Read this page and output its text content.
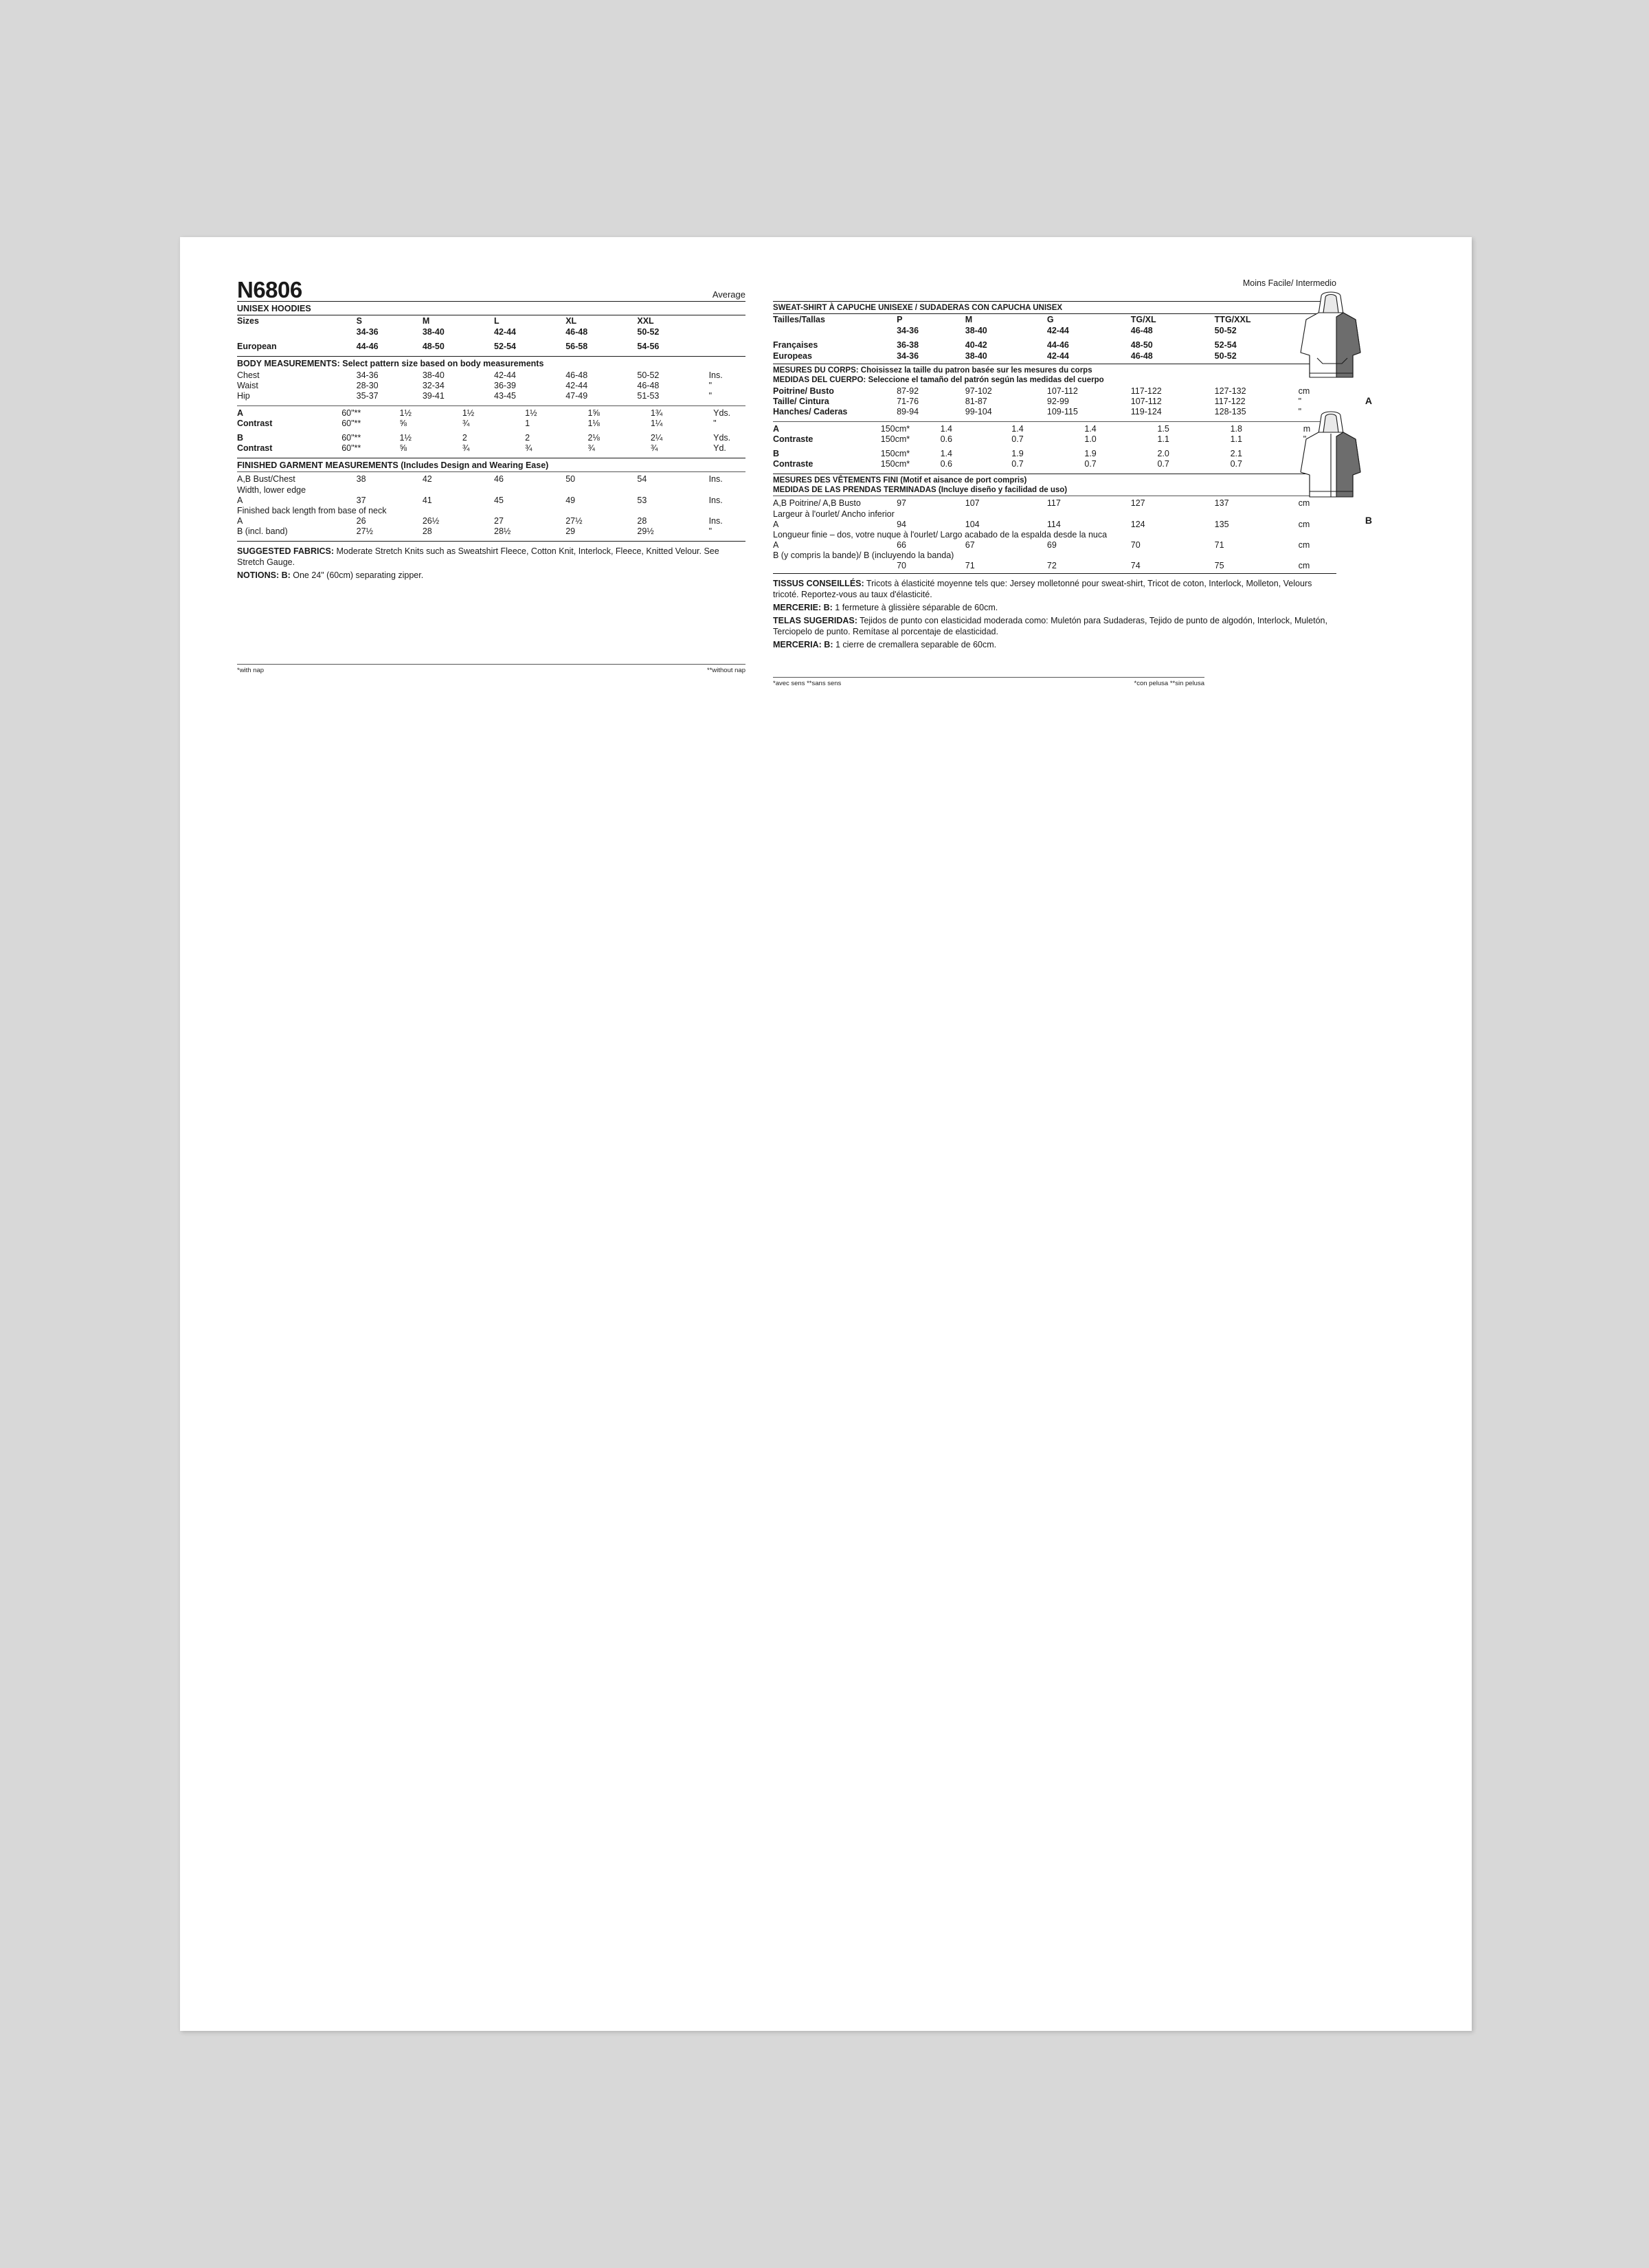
N6806	Average
UNISEX HOODIES
Sizes	S	M	L	XL	XXL	
	34-36	38-40	42-44	46-48	50-52	
European	44-46	48-50	52-54	56-58	54-56	
BODY MEASUREMENTS: Select pattern size based on body measurements
Chest	34-36	38-40	42-44	46-48	50-52	Ins.
Waist	28-30	32-34	36-39	42-44	46-48	"
Hip	35-37	39-41	43-45	47-49	51-53	"
A	60"**	1½	1½	1½	1⅝	1¾	Yds.
Contrast	60"**	⅝	¾	1	1⅛	1¼	"
B	60"**	1½	2	2	2⅛	2¼	Yds.
Contrast	60"**	⅝	¾	¾	¾	¾	Yd.
FINISHED GARMENT MEASUREMENTS (Includes Design and Wearing Ease)
A,B Bust/Chest	38	42	46	50	54	Ins.
Width, lower edge						
A	37	41	45	49	53	Ins.
Finished back length from base of neck						
A	26	26½	27	27½	28	Ins.
B (incl. band)	27½	28	28½	29	29½	"
SUGGESTED FABRICS: Moderate Stretch Knits such as Sweatshirt Fleece, Cotton Knit, Interlock, Fleece, Knitted Velour. See Stretch Gauge.
NOTIONS: B: One 24" (60cm) separating zipper.
*with nap	**without nap
Moins Facile/ Intermedio
SWEAT-SHIRT À CAPUCHE UNISEXE / SUDADERAS CON CAPUCHA UNISEX
Tailles/Tallas	P	M	G	TG/XL	TTG/XXL	
	34-36	38-40	42-44	46-48	50-52	
Françaises	36-38	40-42	44-46	48-50	52-54	
Europeas	34-36	38-40	42-44	46-48	50-52	
MESURES DU CORPS: Choisissez la taille du patron basée sur les mesures du corps
MEDIDAS DEL CUERPO: Seleccione el tamaño del patrón según las medidas del cuerpo
Poitrine/ Busto	87-92	97-102	107-112	117-122	127-132	cm
Taille/ Cintura	71-76	81-87	92-99	107-112	117-122	"
Hanches/ Caderas	89-94	99-104	109-115	119-124	128-135	"
A	150cm*	1.4	1.4	1.4	1.5	1.8	m
Contraste	150cm*	0.6	0.7	1.0	1.1	1.1	"
B	150cm*	1.4	1.9	1.9	2.0	2.1	
Contraste	150cm*	0.6	0.7	0.7	0.7	0.7	
MESURES DES VÊTEMENTS FINI (Motif et aisance de port compris)
MEDIDAS DE LAS PRENDAS TERMINADAS (Incluye diseño y facilidad de uso)
A,B Poitrine/ A,B Busto	97	107	117	127	137	cm
Largeur à l'ourlet/ Ancho inferior						
A	94	104	114	124	135	cm
Longueur finie – dos, votre nuque à l'ourlet/ Largo acabado de la espalda desde la nuca						
A	66	67	69	70	71	cm
B (y compris la bande)/ B (incluyendo la banda)						
	70	71	72	74	75	cm
TISSUS CONSEILLÉS: Tricots à élasticité moyenne tels que: Jersey molletonné pour sweat-shirt, Tricot de coton, Interlock, Molleton, Velours tricoté. Reportez-vous au taux d'élasticité.
MERCERIE: B: 1 fermeture à glissière séparable de 60cm.
TELAS SUGERIDAS: Tejidos de punto con elasticidad moderada como: Muletón para Sudaderas, Tejido de punto de algodón, Interlock, Muletón, Terciopelo de punto. Remítase al porcentaje de elasticidad.
MERCERIA: B: 1 cierre de cremallera separable de 60cm.
*avec sens **sans sens	*con pelusa **sin pelusa
A
B
